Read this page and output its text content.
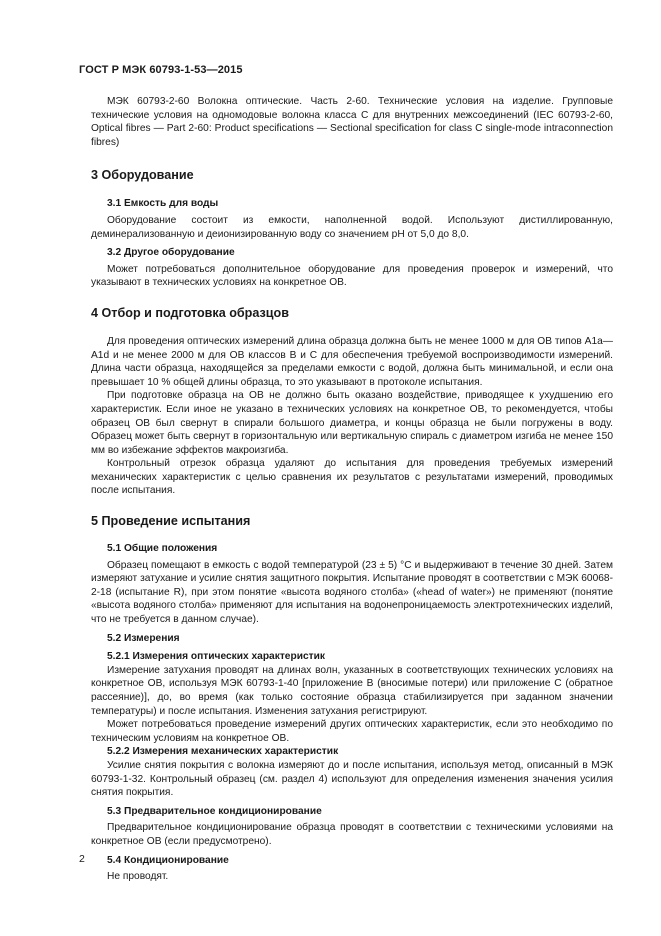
ГОСТ Р МЭК 60793-1-53—2015

МЭК 60793-2-60 Волокна оптические. Часть 2-60. Технические условия на изделие. Групповые технические условия на одномодовые волокна класса С для внутренних межсоединений (IEC 60793-2-60, Optical fibres — Part 2-60: Product specifications — Sectional specification for class C single-mode intraconnection fibres)

3 Оборудование
3.1 Емкость для воды

Оборудование состоит из емкости, наполненной водой. Используют дистиллированную, деминерализованную и деионизированную воду со значением рН от 5,0 до 8,0.

3.2 Другое оборудование

Может потребоваться дополнительное оборудование для проведения проверок и измерений, что указывают в технических условиях на конкретное ОВ.

4 Отбор и подготовка образцов

Для проведения оптических измерений длина образца должна быть не менее 1000 м для ОВ типов А1а—А1d и не менее 2000 м для ОВ классов В и С для обеспечения требуемой воспроизводимости измерений. Длина части образца, находящейся за пределами емкости с водой, должна быть минимальной, и если она превышает 10 % общей длины образца, то это указывают в протоколе испытания.

При подготовке образца на ОВ не должно быть оказано воздействие, приводящее к ухудшению его характеристик. Если иное не указано в технических условиях на конкретное ОВ, то рекомендуется, чтобы образец ОВ был свернут в спирали большого диаметра, и концы образца не были погружены в воду. Образец может быть свернут в горизонтальную или вертикальную спираль с диаметром изгиба не менее 150 мм во избежание эффектов макроизгиба.

Контрольный отрезок образца удаляют до испытания для проведения требуемых измерений механических характеристик с целью сравнения их результатов с результатами измерений, проводимых после испытания.

5 Проведение испытания
5.1 Общие положения

Образец помещают в емкость с водой температурой (23 ± 5) °С и выдерживают в течение 30 дней. Затем измеряют затухание и усилие снятия защитного покрытия. Испытание проводят в соответствии с МЭК 60068-2-18 (испытание R), при этом понятие «высота водяного столба» («head of water») не применяют (понятие «высота водяного столба» применяют для испытания на водонепроницаемость электротехнических изделий, что не требуется в данном случае).

5.2 Измерения
5.2.1 Измерения оптических характеристик

Измерение затухания проводят на длинах волн, указанных в соответствующих технических условиях на конкретное ОВ, используя МЭК 60793-1-40 [приложение В (вносимые потери) или приложение С (обратное рассеяние)], до, во время (как только состояние образца стабилизируется при заданном значении температуры) и после испытания. Изменения затухания регистрируют.

Может потребоваться проведение измерений других оптических характеристик, если это необходимо по техническим условиям на конкретное ОВ.

5.2.2 Измерения механических характеристик

Усилие снятия покрытия с волокна измеряют до и после испытания, используя метод, описанный в МЭК 60793-1-32. Контрольный образец (см. раздел 4) используют для определения изменения значения усилия снятия покрытия.

5.3 Предварительное кондиционирование

Предварительное кондиционирование образца проводят в соответствии с техническими условиями на конкретное ОВ (если предусмотрено).

5.4 Кондиционирование

Не проводят.

2
